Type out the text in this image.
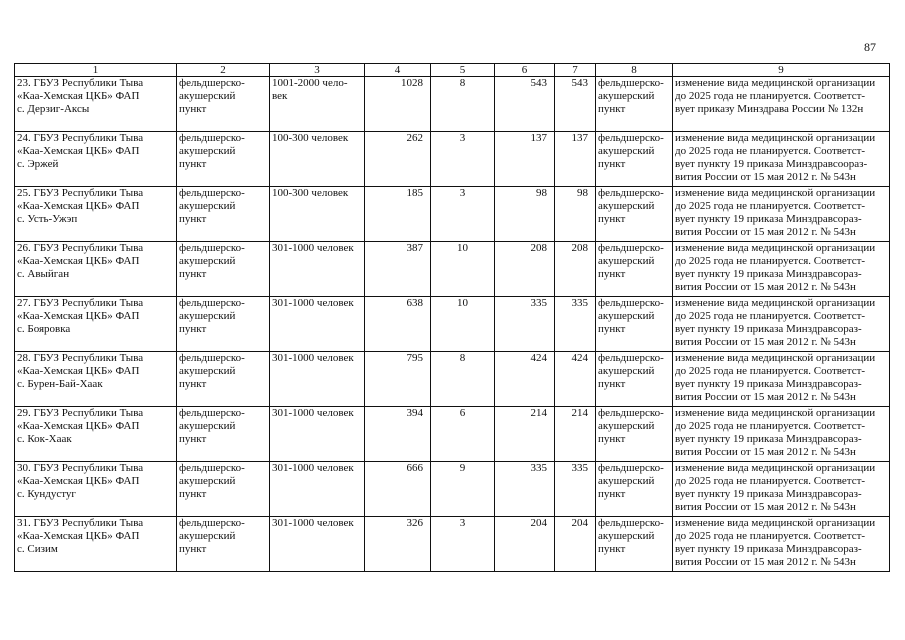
87
1	2	3	4	5	6	7	8	9
23. ГБУЗ Республики Тыва
«Каа-Хемская ЦКБ» ФАП
с. Дерзиг-Аксы	фельдшерско-
акушерский
пункт	1001-2000 чело-
век	1028	8	543	543	фельдшерско-
акушерский
пункт	изменение вида медицинской организации
до 2025 года не планируется. Соответст-
вует приказу Минздрава России № 132н
24. ГБУЗ Республики Тыва
«Каа-Хемская ЦКБ» ФАП
с. Эржей	фельдшерско-
акушерский
пункт	100-300 человек	262	3	137	137	фельдшерско-
акушерский
пункт	изменение вида медицинской организации
до 2025 года не планируется. Соответст-
вует пункту 19 приказа Минздравсоораз-
вития России от 15 мая 2012 г. № 543н
25. ГБУЗ Республики Тыва
«Каа-Хемская ЦКБ» ФАП
с. Усть-Ужэп	фельдшерско-
акушерский
пункт	100-300 человек	185	3	98	98	фельдшерско-
акушерский
пункт	изменение вида медицинской организации
до 2025 года не планируется. Соответст-
вует пункту 19 приказа Минздравсораз-
вития России от 15 мая 2012 г. № 543н
26. ГБУЗ Республики Тыва
«Каа-Хемская ЦКБ» ФАП
с. Авыйган	фельдшерско-
акушерский
пункт	301-1000 человек	387	10	208	208	фельдшерско-
акушерский
пункт	изменение вида медицинской организации
до 2025 года не планируется. Соответст-
вует пункту 19 приказа Минздравсораз-
вития России от 15 мая 2012 г. № 543н
27. ГБУЗ Республики Тыва
«Каа-Хемская ЦКБ» ФАП
с. Бояровка	фельдшерско-
акушерский
пункт	301-1000 человек	638	10	335	335	фельдшерско-
акушерский
пункт	изменение вида медицинской организации
до 2025 года не планируется. Соответст-
вует пункту 19 приказа Минздравсораз-
вития России от 15 мая 2012 г. № 543н
28. ГБУЗ Республики Тыва
«Каа-Хемская ЦКБ» ФАП
с. Бурен-Бай-Хаак	фельдшерско-
акушерский
пункт	301-1000 человек	795	8	424	424	фельдшерско-
акушерский
пункт	изменение вида медицинской организации
до 2025 года не планируется. Соответст-
вует пункту 19 приказа Минздравсораз-
вития России от 15 мая 2012 г. № 543н
29. ГБУЗ Республики Тыва
«Каа-Хемская ЦКБ» ФАП
с. Кок-Хаак	фельдшерско-
акушерский
пункт	301-1000 человек	394	6	214	214	фельдшерско-
акушерский
пункт	изменение вида медицинской организации
до 2025 года не планируется. Соответст-
вует пункту 19 приказа Минздравсораз-
вития России от 15 мая 2012 г. № 543н
30. ГБУЗ Республики Тыва
«Каа-Хемская ЦКБ» ФАП
с. Кундустуг	фельдшерско-
акушерский
пункт	301-1000 человек	666	9	335	335	фельдшерско-
акушерский
пункт	изменение вида медицинской организации
до 2025 года не планируется. Соответст-
вует пункту 19 приказа Минздравсораз-
вития России от 15 мая 2012 г. № 543н
31. ГБУЗ Республики Тыва
«Каа-Хемская ЦКБ» ФАП
с. Сизим	фельдшерско-
акушерский
пункт	301-1000 человек	326	3	204	204	фельдшерско-
акушерский
пункт	изменение вида медицинской организации
до 2025 года не планируется. Соответст-
вует пункту 19 приказа Минздравсораз-
вития России от 15 мая 2012 г. № 543н
